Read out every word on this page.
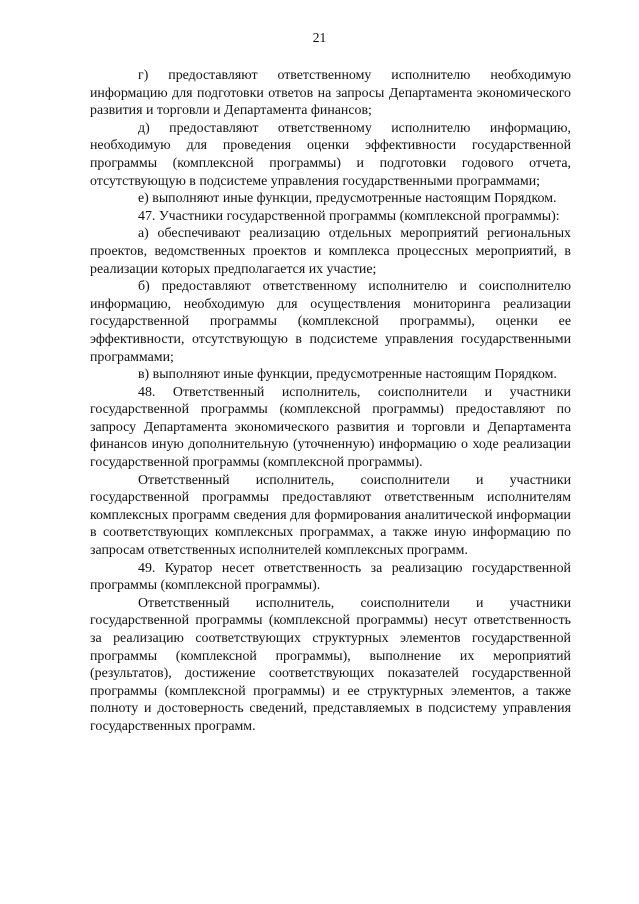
21

г) предоставляют ответственному исполнителю необходимую информацию для подготовки ответов на запросы Департамента экономического развития и торговли и Департамента финансов;

д) предоставляют ответственному исполнителю информацию, необходимую для проведения оценки эффективности государственной программы (комплексной программы) и подготовки годового отчета, отсутствующую в подсистеме управления государственными программами;

е) выполняют иные функции, предусмотренные настоящим Порядком.

47. Участники государственной программы (комплексной программы):

а) обеспечивают реализацию отдельных мероприятий региональных проектов, ведомственных проектов и комплекса процессных мероприятий, в реализации которых предполагается их участие;

б) предоставляют ответственному исполнителю и соисполнителю информацию, необходимую для осуществления мониторинга реализации государственной программы (комплексной программы), оценки ее эффективности, отсутствующую в подсистеме управления государственными программами;

в) выполняют иные функции, предусмотренные настоящим Порядком.

48. Ответственный исполнитель, соисполнители и участники государственной программы (комплексной программы) предоставляют по запросу Департамента экономического развития и торговли и Департамента финансов иную дополнительную (уточненную) информацию о ходе реализации государственной программы (комплексной программы).

Ответственный исполнитель, соисполнители и участники государственной программы предоставляют ответственным исполнителям комплексных программ сведения для формирования аналитической информации в соответствующих комплексных программах, а также иную информацию по запросам ответственных исполнителей комплексных программ.

49. Куратор несет ответственность за реализацию государственной программы (комплексной программы).

Ответственный исполнитель, соисполнители и участники государственной программы (комплексной программы) несут ответственность за реализацию соответствующих структурных элементов государственной программы (комплексной программы), выполнение их мероприятий (результатов), достижение соответствующих показателей государственной программы (комплексной программы) и ее структурных элементов, а также полноту и достоверность сведений, представляемых в подсистему управления государственных программ.
